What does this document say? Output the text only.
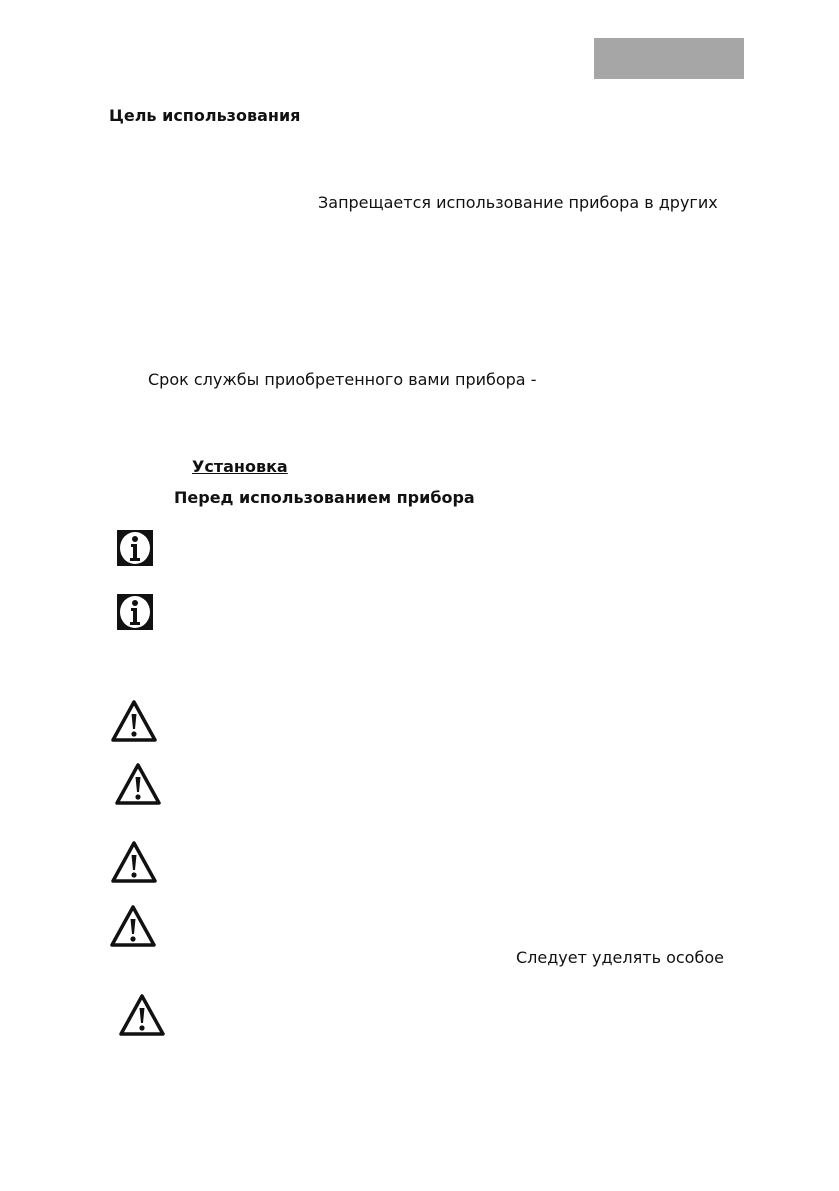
Цель использования
Запрещается использование прибора в других
Срок службы приобретенного вами прибора -
Установка
Перед использованием прибора
Следует уделять особое
